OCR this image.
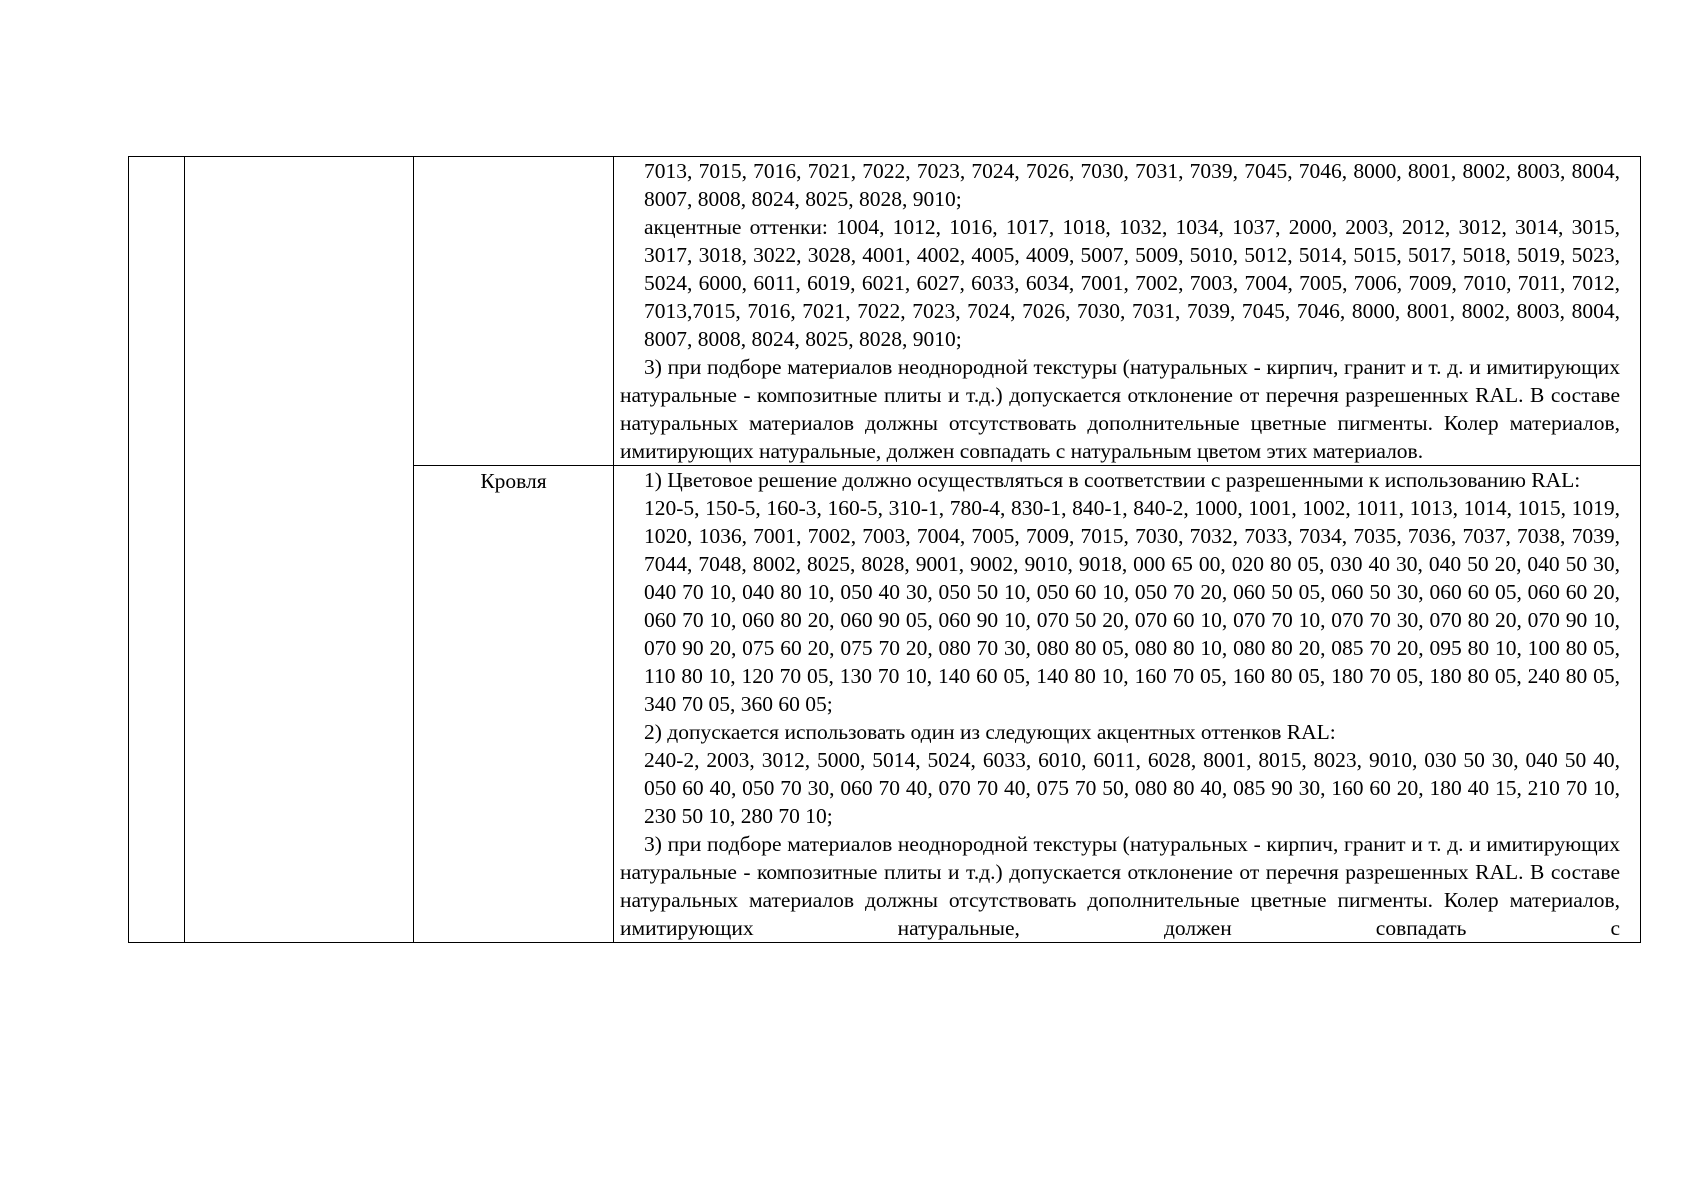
			7013, 7015, 7016, 7021, 7022, 7023, 7024, 7026, 7030, 7031, 7039, 7045, 7046, 8000, 8001, 8002, 8003, 8004, 8007, 8008, 8024, 8025, 8028, 9010;

акцентные оттенки: 1004, 1012, 1016, 1017, 1018, 1032, 1034, 1037, 2000, 2003, 2012, 3012, 3014, 3015, 3017, 3018, 3022, 3028, 4001, 4002, 4005, 4009, 5007, 5009, 5010, 5012, 5014, 5015, 5017, 5018, 5019, 5023, 5024, 6000, 6011, 6019, 6021, 6027, 6033, 6034, 7001, 7002, 7003, 7004, 7005, 7006, 7009, 7010, 7011, 7012, 7013,7015, 7016, 7021, 7022, 7023, 7024, 7026, 7030, 7031, 7039, 7045, 7046, 8000, 8001, 8002, 8003, 8004, 8007, 8008, 8024, 8025, 8028, 9010;

3) при подборе материалов неоднородной текстуры (натуральных - кирпич, гранит и т. д. и имитирующих натуральные - композитные плиты и т.д.) допускается отклонение от перечня разрешенных RAL. В составе натуральных материалов должны отсутствовать дополнительные цветные пигменты. Колер материалов, имитирующих натуральные, должен совпадать с натуральным цветом этих материалов.

		Кровля	1) Цветовое решение должно осуществляться в соответствии с разрешенными к использованию RAL:

120-5, 150-5, 160-3, 160-5, 310-1, 780-4, 830-1, 840-1, 840-2, 1000, 1001, 1002, 1011, 1013, 1014, 1015, 1019, 1020, 1036, 7001, 7002, 7003, 7004, 7005, 7009, 7015, 7030, 7032, 7033, 7034, 7035, 7036, 7037, 7038, 7039, 7044, 7048, 8002, 8025, 8028, 9001, 9002, 9010, 9018, 000 65 00, 020 80 05, 030 40 30, 040 50 20, 040 50 30, 040 70 10, 040 80 10, 050 40 30, 050 50 10, 050 60 10, 050 70 20, 060 50 05, 060 50 30, 060 60 05, 060 60 20, 060 70 10, 060 80 20, 060 90 05, 060 90 10, 070 50 20, 070 60 10, 070 70 10, 070 70 30, 070 80 20, 070 90 10, 070 90 20, 075 60 20, 075 70 20, 080 70 30, 080 80 05, 080 80 10, 080 80 20, 085 70 20, 095 80 10, 100 80 05, 110 80 10, 120 70 05, 130 70 10, 140 60 05, 140 80 10, 160 70 05, 160 80 05, 180 70 05, 180 80 05, 240 80 05, 340 70 05, 360 60 05;

2) допускается использовать один из следующих акцентных оттенков RAL:

240-2, 2003, 3012, 5000, 5014, 5024, 6033, 6010, 6011, 6028, 8001, 8015, 8023, 9010, 030 50 30, 040 50 40, 050 60 40, 050 70 30, 060 70 40, 070 70 40, 075 70 50, 080 80 40, 085 90 30, 160 60 20, 180 40 15, 210 70 10, 230 50 10, 280 70 10;

3) при подборе материалов неоднородной текстуры (натуральных - кирпич, гранит и т. д. и имитирующих натуральные - композитные плиты и т.д.) допускается отклонение от перечня разрешенных RAL. В составе натуральных материалов должны отсутствовать дополнительные цветные пигменты. Колер материалов, имитирующих натуральные, должен совпадать с
